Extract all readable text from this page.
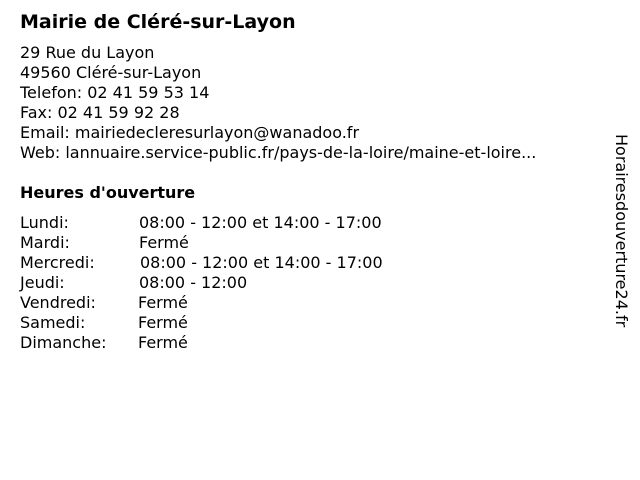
Mairie de Cléré-sur-Layon
29 Rue du Layon
49560 Cléré-sur-Layon
Telefon: 02 41 59 53 14
Fax: 02 41 59 92 28
Email: mairiedecleresurlayon@wanadoo.fr
Web: lannuaire.service-public.fr/pays-de-la-loire/maine-et-loire...
Heures d'ouverture
Lundi:	08:00 - 12:00 et 14:00 - 17:00
Mardi:	Fermé
Mercredi:	08:00 - 12:00 et 14:00 - 17:00
Jeudi:	08:00 - 12:00
Vendredi:	Fermé
Samedi:	Fermé
Dimanche: Fermé
Horairesdouverture24.fr
